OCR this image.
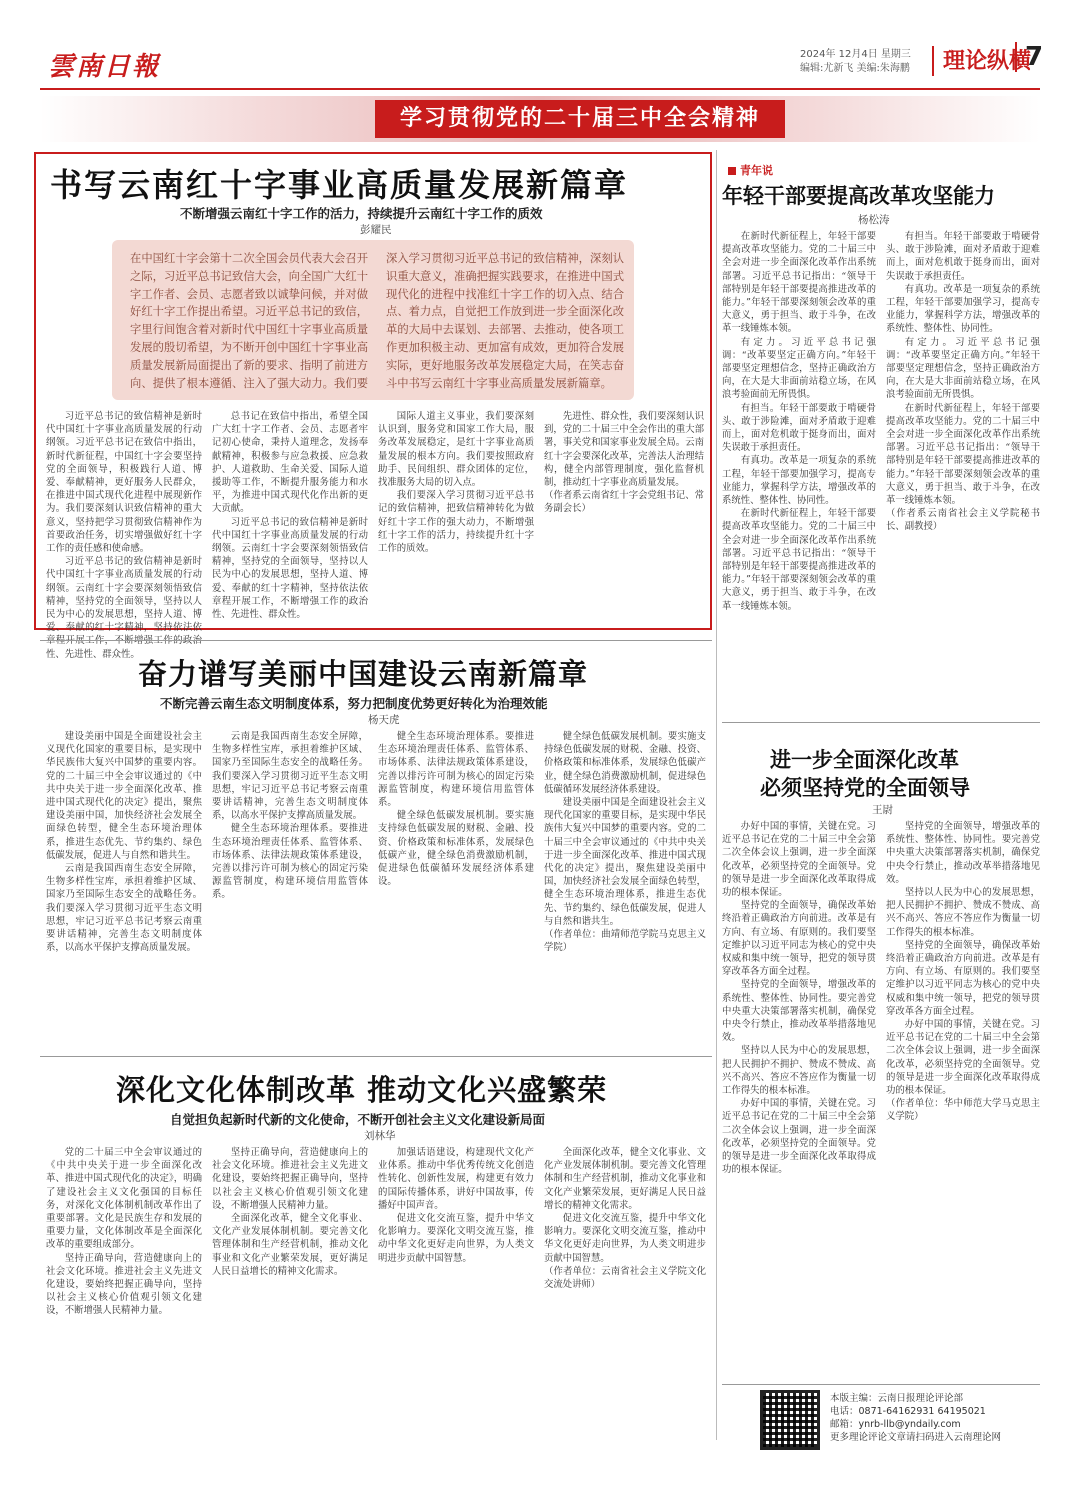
雲南日報	2024年 12月4日 星期三
编辑:尤新飞 美编:朱海鹏	理论纵横
7
学习贯彻党的二十届三中全会精神
书写云南红十字事业高质量发展新篇章
不断增强云南红十字工作的活力，持续提升云南红十字工作的质效
彭耀民
在中国红十字会第十二次全国会员代表大会召开之际，习近平总书记致信大会，向全国广大红十字工作者、会员、志愿者致以诚挚问候，并对做好红十字工作提出希望。习近平总书记的致信，字里行间饱含着对新时代中国红十字事业高质量发展的殷切希望，为不断开创中国红十字事业高质量发展新局面提出了新的要求、指明了前进方向、提供了根本遵循、注入了强大动力。我们要深入学习贯彻习近平总书记的致信精神，深刻认识重大意义，准确把握实践要求，在推进中国式现代化的进程中找准红十字工作的切入点、结合点、着力点，自觉把工作放到进一步全面深化改革的大局中去谋划、去部署、去推动，使各项工作更加积极主动、更加富有成效，更加符合发展实际，更好地服务改革发展稳定大局，在笑志奋斗中书写云南红十字事业高质量发展新篇章。

习近平总书记的致信精神是新时代中国红十字事业高质量发展的行动纲领。习近平总书记在致信中指出，新时代新征程，中国红十字会要坚持党的全面领导，积极践行人道、博爱、奉献精神，更好服务人民群众，在推进中国式现代化进程中展现新作为。我们要深刻认识致信精神的重大意义，坚持把学习贯彻致信精神作为首要政治任务，切实增强做好红十字工作的责任感和使命感。

习近平总书记的致信精神是新时代中国红十字事业高质量发展的行动纲领。云南红十字会要深刻领悟致信精神，坚持党的全面领导，坚持以人民为中心的发展思想，坚持人道、博爱、奉献的红十字精神，坚持依法依 性、先进性、群众性。

总书记在致信中指出，希望全国广大红十字工作者、会员、志愿者牢记初心使命，秉持人道理念，发扬奉献精神，积极参与应急救援、应急救护、人道救助、生命关爱、国际人道援助等工作，不断提升服务能力和水平，为推进中国式现代化作出新的更大贡献。

习近平总书记的致信精神是新时代中国红十字事业高质量发展的行动纲领。云南红十字会要深刻领悟致信精神，坚持党的全面领导，坚持以人民为中心的发展思想，坚持人道、博爱、奉献的红十字精神，坚持依法依章程开展工作，不断增强工作的政治性、先进性、群众性。

国际人道主义事业，我们要深刻认识到，服务党和国家工作大局，服务改革发展稳定，是红十字事业高质量发展的根本方向。我们要按照政府助手、民间组织、群众团体的定位，找准服务大局的切入点。

我们要深入学习贯彻习近平总书记的致信精神，把致信精神转化为做好红十字工作的强大动力，不断增强红十字工作的活力，持续提升红十字工作的质效。

先进性、群众性，我们要深刻认识到，党的二十届三中全会作出的重大部署，事关党和国家事业发展全局。云南红十字会要深化改革，完善法人治理结构，健全内部管理制度，强化监督机制，推动红十字事业高质量发展。

（作者系云南省红十字会党组书记、常务副会长）

青年说
年轻干部要提高改革攻坚能力
杨松涛

在新时代新征程上，年轻干部要提高改革攻坚能力。党的二十届三中全会对进一步全面深化改革作出系统部署。习近平总书记指出：“领导干部特别是年轻干部要提高推进改革的能力。”年轻干部要深刻领会改革的重大意义，勇于担当、敢于斗争，在改革一线锤炼本领。

有定力。习近平总书记强调：“改革要坚定正确方向。”年轻干部要坚定理想信念，坚持正确政治方向，在大是大非面前站稳立场，在风浪考验面前无所畏惧。

有担当。年轻干部要敢于啃硬骨头、敢于涉险滩，面对矛盾敢于迎难而上，面对危机敢于挺身而出，面对失误敢于承担责任。

有真功。改革是一项复杂的系统工程，年轻干部要加强学习，提高专业能力，掌握科学方法，增强改革的系统性、整体性、协同性。

在新时代新征程上，年轻干部要提高改革攻坚能力。党的二十届三中全会对进一步全面深化改革作出系统部署。习近平总书记指出：“领导干部特别是年轻干部要提高推进改革的能力。”年轻干部要深刻领会改革的重大意义，勇于担当、敢于斗争，在改革一线锤炼本领。

有担当。年轻干部要敢于啃硬骨头、敢于涉险滩，面对矛盾敢于迎难而上，面对危机敢于挺身而出，面对失误敢于承担责任。

有真功。改革是一项复杂的系统工程，年轻干部要加强学习，提高专业能力，掌握科学方法，增强改革的系统性、整体性、协同性。

有定力。习近平总书记强调：“改革要坚定正确方向。”年轻干部要坚定理想信念，坚持正确政治方向，在大是大非面前站稳立场，在风浪考验面前无所畏惧。

在新时代新征程上，年轻干部要提高改革攻坚能力。党的二十届三中全会对进一步全面深化改革作出系统部署。习近平总书记指出：“领导干部特别是年轻干部要提高推进改革的能力。”年轻干部要深刻领会改革的重大意义，勇于担当、敢于斗争，在改革一线锤炼本领。

（作者系云南省社会主义学院秘书长、副教授）

奋力谱写美丽中国建设云南新篇章
不断完善云南生态文明制度体系，努力把制度优势更好转化为治理效能
杨天虎

建设美丽中国是全面建设社会主义现代化国家的重要目标，是实现中华民族伟大复兴中国梦的重要内容。党的二十届三中全会审议通过的《中共中央关于进一步全面深化改革、推进中国式现代化的决定》提出，聚焦建设美丽中国，加快经济社会发展全面绿色转型，健全生态环境治理体系，推进生态优先、节约集约、绿色低碳发展，促进人与自然和谐共生。

云南是我国西南生态安全屏障，生物多样性宝库，承担着维护区域、国家乃至国际生态安全的战略任务。我们要深入学习贯彻习近平生态文明思想，牢记习近平总书记考察云南重要讲话精神，完善生态文明制度体系，以高水平保护支撑高质量发展。

云南是我国西南生态安全屏障，生物多样性宝库，承担着维护区域、国家乃至国际生态安全的战略任务。我们要深入学习贯彻习近平生态文明思想，牢记习近平总书记考察云南重要讲话精神，完善生态文明制度体系，以高水平保护支撑高质量发展。

健全生态环境治理体系。要推进生态环境治理责任体系、监管体系、市场体系、法律法规政策体系建设，完善以排污许可制为核心的固定污染源监管制度，构建环境信用监管体系。

健全生态环境治理体系。要推进生态环境治理责任体系、监管体系、市场体系、法律法规政策体系建设，完善以排污许可制为核心的固定污染源监管制度，构建环境信用监管体系。

健全绿色低碳发展机制。要实施支持绿色低碳发展的财税、金融、投资、价格政策和标准体系，发展绿色低碳产业，健全绿色消费激励机制，促进绿色低碳循环发展经济体系建设。

健全绿色低碳发展机制。要实施支持绿色低碳发展的财税、金融、投资、价格政策和标准体系，发展绿色低碳产业，健全绿色消费激励机制，促进绿色低碳循环发展经济体系建设。

建设美丽中国是全面建设社会主义现代化国家的重要目标，是实现中华民族伟大复兴中国梦的重要内容。党的二十届三中全会审议通过的《中共中央关于进一步全面深化改革、推进中国式现代化的决定》提出，聚焦建设美丽中国，加快经济社会发展全面绿色转型，健全生态环境治理体系，推进生态优先、节约集约、绿色低碳发展，促进人与自然和谐共生。

（作者单位：曲靖师范学院马克思主义学院）

进一步全面深化改革
必须坚持党的全面领导
王尉

办好中国的事情，关键在党。习近平总书记在党的二十届三中全会第二次全体会议上强调，进一步全面深化改革，必须坚持党的全面领导。党的领导是进一步全面深化改革取得成功的根本保证。

坚持党的全面领导，确保改革始终沿着正确政治方向前进。改革是有方向、有立场、有原则的。我们要坚定维护以习近平同志为核心的党中央权威和集中统一领导，把党的领导贯穿改革各方面全过程。

坚持党的全面领导，增强改革的系统性、整体性、协同性。要完善党中央重大决策部署落实机制，确保党中央令行禁止，推动改革举措落地见效。

坚持以人民为中心的发展思想，把人民拥护不拥护、赞成不赞成、高兴不高兴、答应不答应作为衡量一切工作得失的根本标准。

办好中国的事情，关键在党。习近平总书记在党的二十届三中全会第二次全体会议上强调，进一步全面深化改革，必须坚持党的全面领导。党的领导是进一步全面深化改革取得成功的根本保证。

坚持党的全面领导，增强改革的系统性、整体性、协同性。要完善党中央重大决策部署落实机制，确保党中央令行禁止，推动改革举措落地见效。

坚持以人民为中心的发展思想，把人民拥护不拥护、赞成不赞成、高兴不高兴、答应不答应作为衡量一切工作得失的根本标准。

坚持党的全面领导，确保改革始终沿着正确政治方向前进。改革是有方向、有立场、有原则的。我们要坚定维护以习近平同志为核心的党中央权威和集中统一领导，把党的领导贯穿改革各方面全过程。

办好中国的事情，关键在党。习近平总书记在党的二十届三中全会第二次全体会议上强调，进一步全面深化改革，必须坚持党的全面领导。党的领导是进一步全面深化改革取得成功的根本保证。

（作者单位：华中师范大学马克思主义学院）

深化文化体制改革 推动文化兴盛繁荣
自觉担负起新时代新的文化使命，不断开创社会主义文化建设新局面
刘林华

党的二十届三中全会审议通过的《中共中央关于进一步全面深化改革、推进中国式现代化的决定》，明确了建设社会主义文化强国的目标任务，对深化文化体制机制改革作出了重要部署。文化是民族生存和发展的重要力量，文化体制改革是全面深化改革的重要组成部分。

坚持正确导向，营造健康向上的社会文化环境。推进社会主义先进文化建设，要始终把握正确导向，坚持以社会主义核心价值观引领文化建设，不断增强人民精神力量。

坚持正确导向，营造健康向上的社会文化环境。推进社会主义先进文化建设，要始终把握正确导向，坚持以社会主义核心价值观引领文化建设，不断增强人民精神力量。

全面深化改革，健全文化事业、文化产业发展体制机制。要完善文化管理体制和生产经营机制，推动文化事业和文化产业繁荣发展，更好满足人民日益增长的精神文化需求。

加强话语建设，构建现代文化产业体系。推动中华优秀传统文化创造性转化、创新性发展，构建更有效力的国际传播体系，讲好中国故事，传播好中国声音。

促进文化交流互鉴，提升中华文化影响力。要深化文明交流互鉴，推动中华文化更好走向世界，为人类文明进步贡献中国智慧。

全面深化改革，健全文化事业、文化产业发展体制机制。要完善文化管理体制和生产经营机制，推动文化事业和文化产业繁荣发展，更好满足人民日益增长的精神文化需求。

促进文化交流互鉴，提升中华文化影响力。要深化文明交流互鉴，推动中华文化更好走向世界，为人类文明进步贡献中国智慧。

（作者单位：云南省社会主义学院文化交流处讲师）

本版主编：云南日报理论评论部
电话：0871-64162931 64195021
邮箱：ynrb-llb@yndaily.com
更多理论评论文章请扫码进入云南理论网
